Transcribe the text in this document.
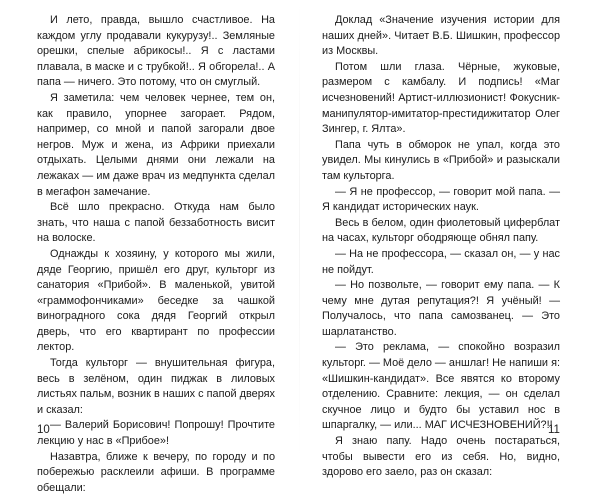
И лето, правда, вышло счастливое. На каждом углу продавали кукурузу!.. Земляные орешки, спелые абрикосы!.. Я с ластами плавала, в маске и с трубкой!.. Я обгорела!.. А папа — ничего. Это потому, что он смуглый.

Я заметила: чем человек чернее, тем он, как правило, упорнее загорает. Рядом, например, со мной и папой загорали двое негров. Муж и жена, из Африки приехали отдыхать. Целыми днями они лежали на лежаках — им даже врач из медпункта сделал в мегафон замечание.

Всё шло прекрасно. Откуда нам было знать, что наша с папой беззаботность висит на волоске.

Однажды к хозяину, у которого мы жили, дяде Георгию, пришёл его друг, культорг из санатория «Прибой». В маленькой, увитой «граммофончиками» беседке за чашкой виноградного сока дядя Георгий открыл дверь, что его квартирант по профессии лектор.

Тогда культорг — внушительная фигура, весь в зелёном, один пиджак в лиловых листьях пальм, возник в наших с папой дверях и сказал:

— Валерий Борисович! Попрошу! Прочтите лекцию у нас в «Прибое»!

Назавтра, ближе к вечеру, по городу и по побережью расклеили афиши. В программе обещали:

10

Доклад «Значение изучения истории для наших дней». Читает В.Б. Шишкин, профессор из Москвы.

Потом шли глаза. Чёрные, жуковые, размером с камбалу. И подпись! «Маг исчезновений! Артист-иллюзионист! Фокусник-манипулятор-имитатор-престидижитатор Олег Зингер, г. Ялта».

Папа чуть в обморок не упал, когда это увидел. Мы кинулись в «Прибой» и разыскали там культорга.

— Я не профессор, — говорит мой папа. — Я кандидат исторических наук.

Весь в белом, один фиолетовый циферблат на часах, культорг ободряюще обнял папу.

— На не профессора, — сказал он, — у нас не пойдут.

— Но позвольте, — говорит ему папа. — К чему мне дутая репутация?! Я учёный! — Получалось, что папа самозванец. — Это шарлатанство.

— Это реклама, — спокойно возразил культорг. — Моё дело — аншлаг! Не напиши я: «Шишкин-кандидат». Все явятся ко второму отделению. Сравните: лекция, — он сделал скучное лицо и будто бы уставил нос в шпаргалку, — или... МАГ ИСЧЕЗНОВЕНИЙ?!!

Я знаю папу. Надо очень постараться, чтобы вывести его из себя. Но, видно, здорово его заело, раз он сказал:

11
